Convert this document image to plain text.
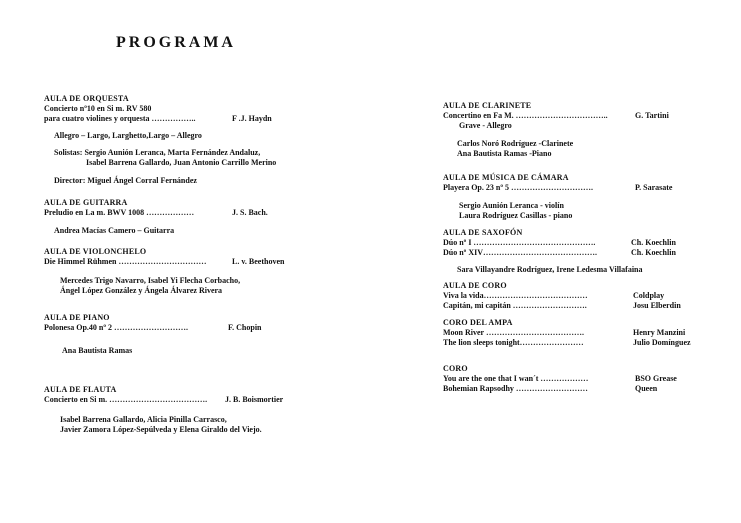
PROGRAMA
AULA DE ORQUESTA
Concierto nº10 en Si m. RV 580
para cuatro violines y orquesta ……………..	F .J. Haydn
Allegro – Largo, Larghetto,Largo – Allegro
Solistas: Sergio Aunión Leranca, Marta Fernández Andaluz,
Isabel Barrena Gallardo, Juan Antonio Carrillo Merino
Director: Miguel Ángel Corral Fernández
AULA DE GUITARRA
Preludio en La m. BWV 1008 ………………	J. S. Bach.
Andrea Macías Camero – Guitarra
AULA DE VIOLONCHELO
Die Himmel Rühmen ……………………………	L. v. Beethoven
Mercedes Trigo Navarro, Isabel Yi Flecha Corbacho,
Ángel López González y Ángela Álvarez Rivera
AULA DE PIANO
Polonesa Op.40 nº 2 ……………………….	F. Chopin
Ana Bautista Ramas
AULA DE FLAUTA
Concierto en Si m. ………………………………. J. B. Boismortier
Isabel Barrena Gallardo, Alicia Pinilla Carrasco,
Javier Zamora López-Sepúlveda y Elena Giraldo del Viejo.
AULA DE CLARINETE
Concertino en Fa M. ……………………………..	G. Tartini
Grave - Allegro
Carlos Noró Rodríguez -Clarinete
Ana Bautista Ramas -Piano
AULA DE MÚSICA DE CÁMARA
Playera Op. 23 nº 5 ………………………….	P. Sarasate
Sergio Aunión Leranca - violín
Laura Rodríguez Casillas - piano
AULA DE SAXOFÓN
Dúo nº I ……………………………………….	Ch. Koechlin
Dúo nº XIV…………………………………….	Ch. Koechlin
Sara Villayandre Rodríguez, Irene Ledesma Villafaina
AULA DE CORO
Viva la vida…………………………………	Coldplay
Capitán, mi capitán ……………………….	Josu Elberdin
CORO DEL AMPA
Moon River ……………………………….	Henry Manzini
The lion sleeps tonight……………………	Julio Domínguez
CORO
You are the one that I wan´t ………………	BSO Grease
Bohemian Rapsodhy ………………………	Queen
